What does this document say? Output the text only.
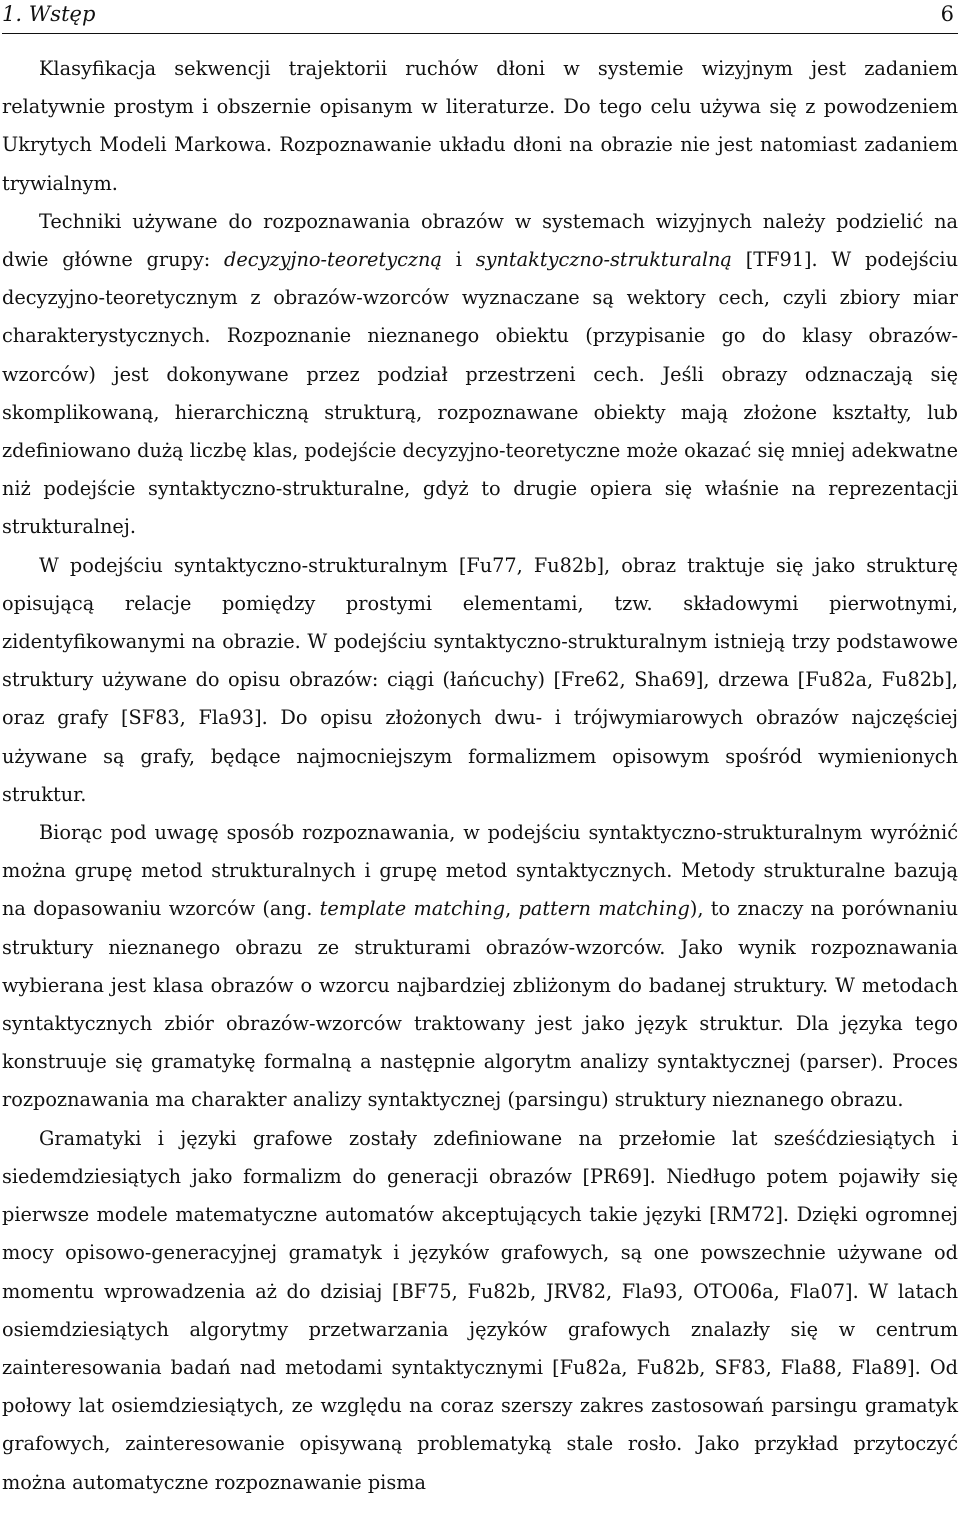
1. Wstęp	6

Klasyfikacja sekwencji trajektorii ruchów dłoni w systemie wizyjnym jest zadaniem relatywnie prostym i obszernie opisanym w literaturze. Do tego celu używa się z powodzeniem Ukrytych Modeli Markowa. Rozpoznawanie układu dłoni na obrazie nie jest natomiast zadaniem trywialnym.

Techniki używane do rozpoznawania obrazów w systemach wizyjnych należy podzielić na dwie główne grupy: decyzyjno-teoretyczną i syntaktyczno-strukturalną [TF91]. W podejściu decyzyjno-teoretycznym z obrazów-wzorców wyznaczane są wektory cech, czyli zbiory miar charakterystycznych. Rozpoznanie nieznanego obiektu (przypisanie go do klasy obrazów-wzorców) jest dokonywane przez podział przestrzeni cech. Jeśli obrazy odznaczają się skomplikowaną, hierarchiczną strukturą, rozpoznawane obiekty mają złożone kształty, lub zdefiniowano dużą liczbę klas, podejście decyzyjno-teoretyczne może okazać się mniej adekwatne niż podejście syntaktyczno-strukturalne, gdyż to drugie opiera się właśnie na reprezentacji strukturalnej.

W podejściu syntaktyczno-strukturalnym [Fu77, Fu82b], obraz traktuje się jako strukturę opisującą relacje pomiędzy prostymi elementami, tzw. składowymi pierwotnymi, zidentyfikowanymi na obrazie. W podejściu syntaktyczno-strukturalnym istnieją trzy podstawowe struktury używane do opisu obrazów: ciągi (łańcuchy) [Fre62, Sha69], drzewa [Fu82a, Fu82b], oraz grafy [SF83, Fla93]. Do opisu złożonych dwu- i trójwymiarowych obrazów najczęściej używane są grafy, będące najmocniejszym formalizmem opisowym spośród wymienionych struktur.

Biorąc pod uwagę sposób rozpoznawania, w podejściu syntaktyczno-strukturalnym wyróżnić można grupę metod strukturalnych i grupę metod syntaktycznych. Metody strukturalne bazują na dopasowaniu wzorców (ang. template matching, pattern matching), to znaczy na porównaniu struktury nieznanego obrazu ze strukturami obrazów-wzorców. Jako wynik rozpoznawania wybierana jest klasa obrazów o wzorcu najbardziej zbliżonym do badanej struktury. W metodach syntaktycznych zbiór obrazów-wzorców traktowany jest jako język struktur. Dla języka tego konstruuje się gramatykę formalną a następnie algorytm analizy syntaktycznej (parser). Proces rozpoznawania ma charakter analizy syntaktycznej (parsingu) struktury nieznanego obrazu.

Gramatyki i języki grafowe zostały zdefiniowane na przełomie lat sześćdziesiątych i siedemdziesiątych jako formalizm do generacji obrazów [PR69]. Niedługo potem pojawiły się pierwsze modele matematyczne automatów akceptujących takie języki [RM72]. Dzięki ogromnej mocy opisowo-generacyjnej gramatyk i języków grafowych, są one powszechnie używane od momentu wprowadzenia aż do dzisiaj [BF75, Fu82b, JRV82, Fla93, OTO06a, Fla07]. W latach osiemdziesiątych algorytmy przetwarzania języków grafowych znalazły się w centrum zainteresowania badań nad metodami syntaktycznymi [Fu82a, Fu82b, SF83, Fla88, Fla89]. Od połowy lat osiemdziesiątych, ze względu na coraz szerszy zakres zastosowań parsingu gramatyk grafowych, zainteresowanie opisywaną problematyką stale rosło. Jako przykład przytoczyć można automatyczne rozpoznawanie pisma
